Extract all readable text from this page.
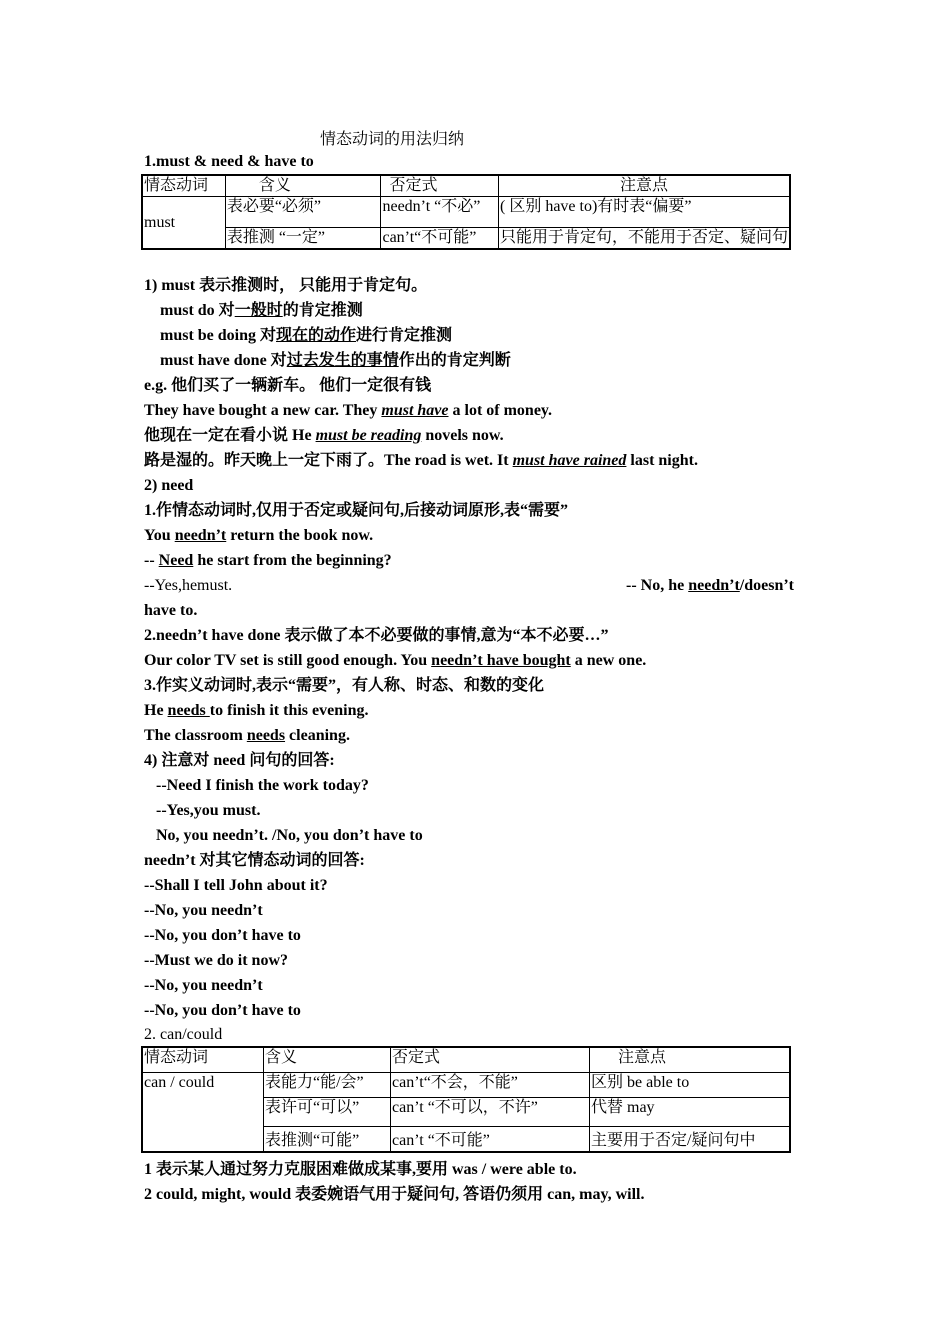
情态动词的用法归纳
1.must & need & have to
情态动词	含义	否定式	注意点
must	表必要“必须”	needn’t “不必”	( 区别 have to)有时表“偏要”
	表推测 “一定”	can’t“不可能”	只能用于肯定句，不能用于否定、疑问句
1) must 表示推测时， 只能用于肯定句。
must do 对一般时的肯定推测
must be doing 对现在的动作进行肯定推测
must have done 对过去发生的事情作出的肯定判断
e.g. 他们买了一辆新车。 他们一定很有钱
They have bought a new car. They must have a lot of money.
他现在一定在看小说 He must be reading novels now.
路是湿的。昨天晚上一定下雨了。The road is wet. It must have rained last night.
2) need
1.作情态动词时,仅用于否定或疑问句,后接动词原形,表“需要”
You needn’t return the book now.
-- Need he start from the beginning?
--Yes,hemust.	-- No, he needn’t/doesn’t
have to.
2.needn’t have done 表示做了本不必要做的事情,意为“本不必要…”
Our color TV set is still good enough. You needn’t have bought a new one.
3.作实义动词时,表示“需要”，有人称、时态、和数的变化
He needs to finish it this evening.
The classroom needs cleaning.
4) 注意对 need 问句的回答:
--Need I finish the work today?
--Yes,you must.
No, you needn’t. /No, you don’t have to
needn’t 对其它情态动词的回答:
--Shall I tell John about it?
--No, you needn’t
--No, you don’t have to
--Must we do it now?
--No, you needn’t
--No, you don’t have to
2. can/could
情态动词	含义	否定式	注意点
can / could	表能力“能/会”	can’t“不会，不能”	区别 be able to
	表许可“可以”	can’t “不可以，不许”	代替 may
	表推测“可能”	can’t “不可能”	主要用于否定/疑问句中
1 表示某人通过努力克服困难做成某事,要用 was / were able to.
2 could, might, would 表委婉语气用于疑问句, 答语仍须用 can, may, will.
